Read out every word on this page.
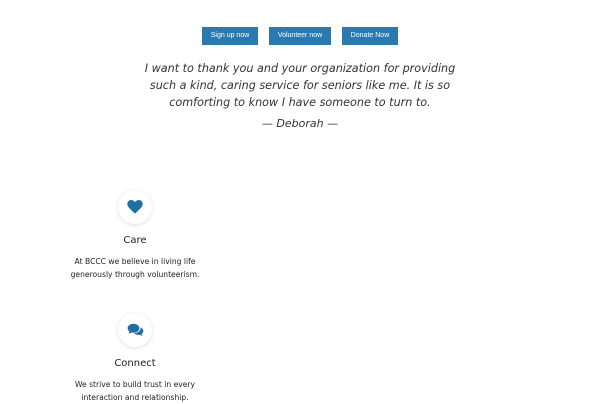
Sign up now	Volunteer now	Donate Now

I want to thank you and your organization for providing such a kind, caring service for seniors like me. It is so comforting to know I have someone to turn to.

— Deborah —
Care
At BCCC we believe in living life generously through volunteerism.
Connect
We strive to build trust in every interaction and relationship.
